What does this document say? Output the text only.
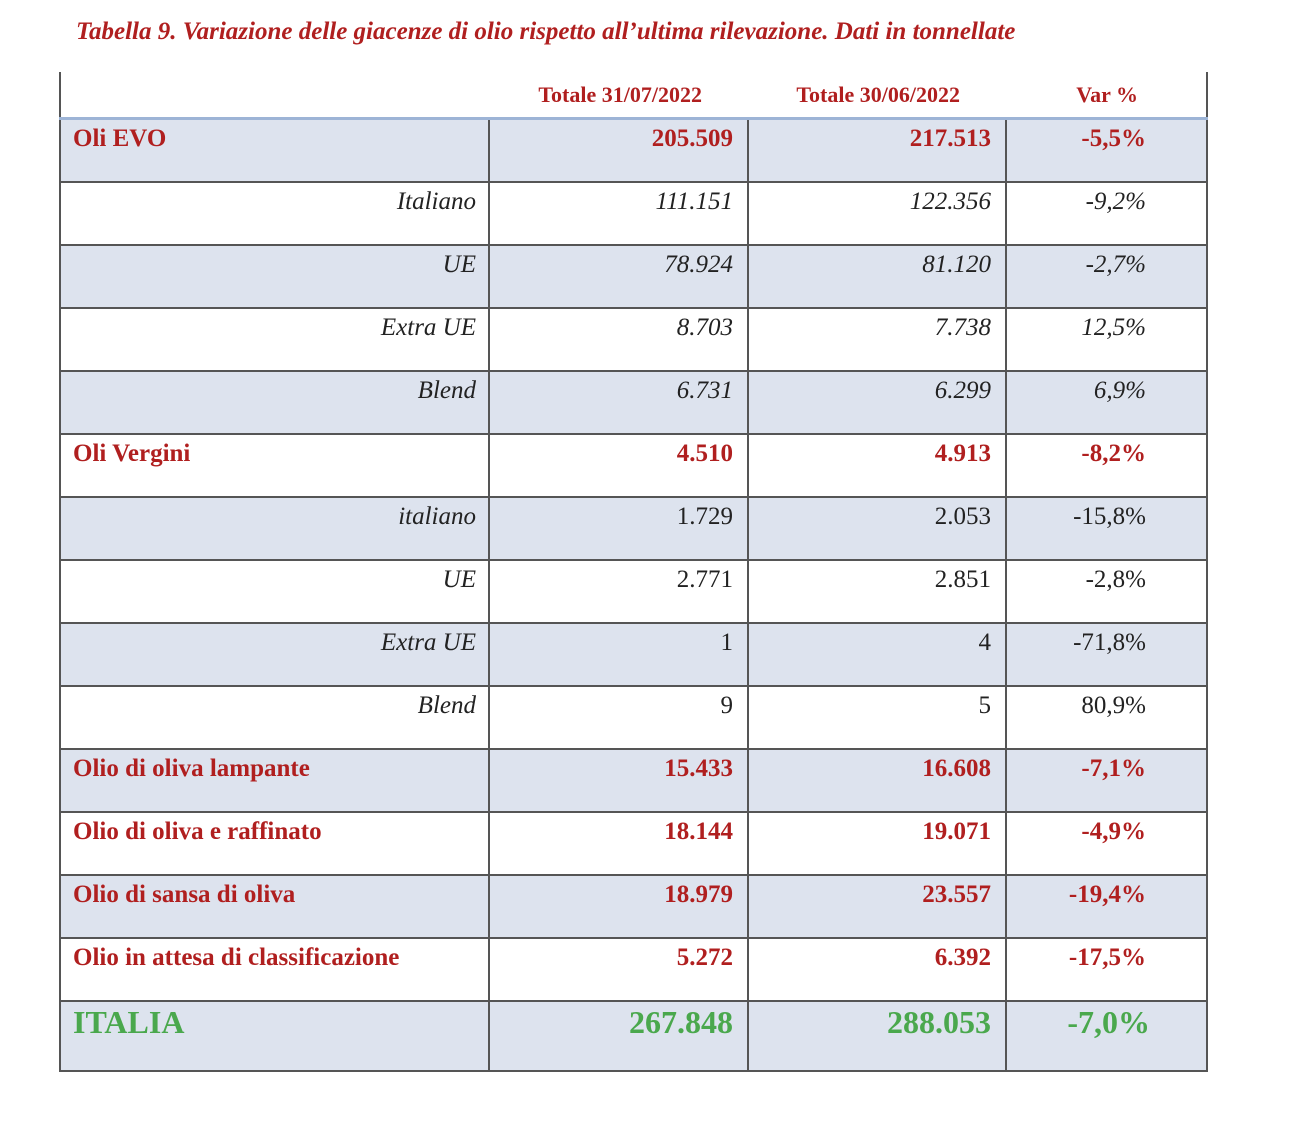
Tabella 9. Variazione delle giacenze di olio rispetto all’ultima rilevazione. Dati in tonnellate
	Totale 31/07/2022	Totale 30/06/2022	Var %

Oli EVO	205.509	217.513	-5,5%

Italiano	111.151	122.356	-9,2%

UE	78.924	81.120	-2,7%

Extra UE	8.703	7.738	12,5%

Blend	6.731	6.299	6,9%

Oli Vergini	4.510	4.913	-8,2%

italiano	1.729	2.053	-15,8%

UE	2.771	2.851	-2,8%

Extra UE	1	4	-71,8%

Blend	9	5	80,9%

Olio di oliva lampante	15.433	16.608	-7,1%

Olio di oliva e raffinato	18.144	19.071	-4,9%

Olio di sansa di oliva	18.979	23.557	-19,4%

Olio in attesa di classificazione	5.272	6.392	-17,5%

ITALIA	267.848	288.053	-7,0%
